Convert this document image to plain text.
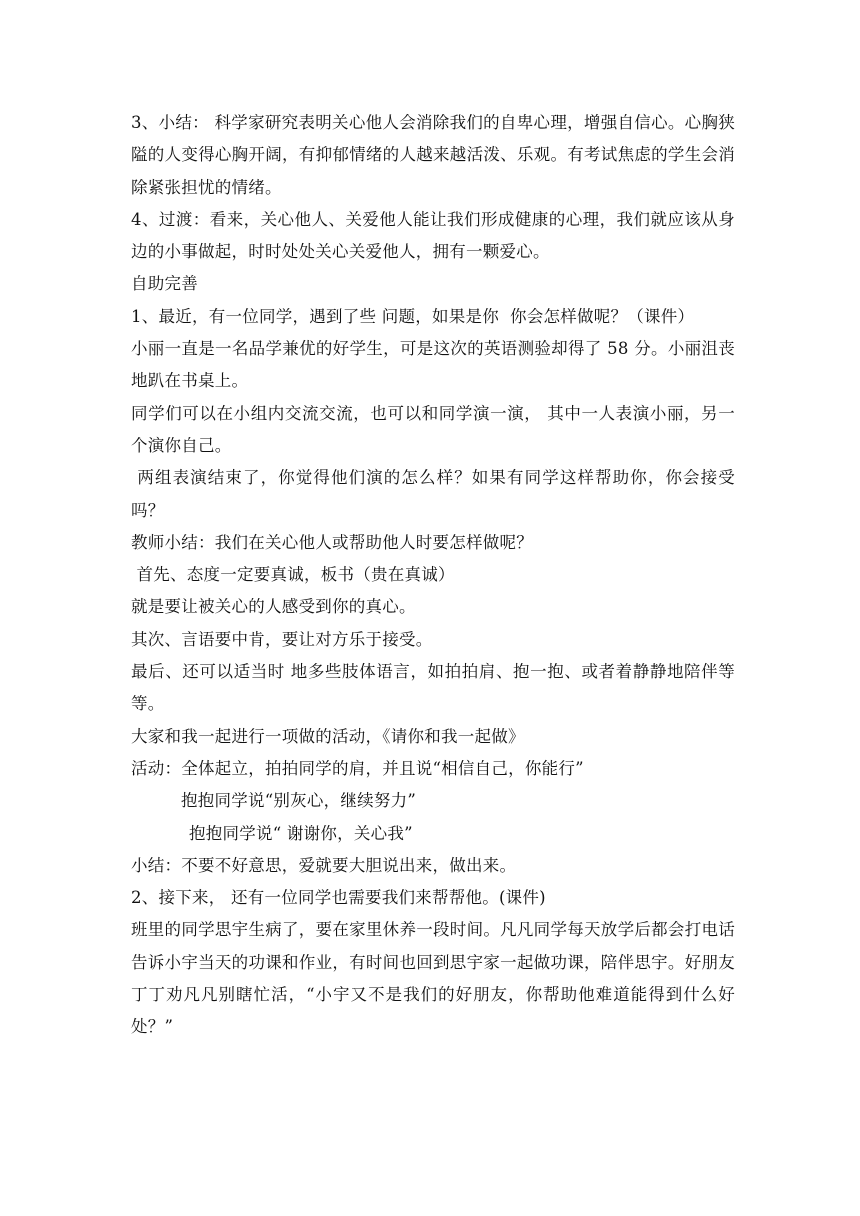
3、小结： 科学家研究表明关心他人会消除我们的自卑心理，增强自信心。心胸狭隘的人变得心胸开阔，有抑郁情绪的人越来越活泼、乐观。有考试焦虑的学生会消除紧张担忧的情绪。

4、过渡：看来，关心他人、关爱他人能让我们形成健康的心理，我们就应该从身边的小事做起，时时处处关心关爱他人，拥有一颗爱心。

自助完善

1、最近，有一位同学，遇到了些 问题，如果是你  你会怎样做呢？（课件）

小丽一直是一名品学兼优的好学生，可是这次的英语测验却得了 58 分。小丽沮丧地趴在书桌上。

同学们可以在小组内交流交流，也可以和同学演一演， 其中一人表演小丽，另一个演你自己。

两组表演结束了，你觉得他们演的怎么样？如果有同学这样帮助你，你会接受吗？

教师小结：我们在关心他人或帮助他人时要怎样做呢？

首先、态度一定要真诚，板书（贵在真诚）

就是要让被关心的人感受到你的真心。

其次、言语要中肯，要让对方乐于接受。

最后、还可以适当时 地多些肢体语言，如拍拍肩、抱一抱、或者着静静地陪伴等等。

大家和我一起进行一项做的活动，《请你和我一起做》

活动：全体起立，拍拍同学的肩，并且说“相信自己，你能行”

抱抱同学说“别灰心，继续努力”

抱抱同学说“ 谢谢你，关心我”

小结：不要不好意思，爱就要大胆说出来，做出来。

2、接下来， 还有一位同学也需要我们来帮帮他。(课件)

班里的同学思宇生病了，要在家里休养一段时间。凡凡同学每天放学后都会打电话告诉小宇当天的功课和作业，有时间也回到思宇家一起做功课，陪伴思宇。好朋友丁丁劝凡凡别瞎忙活，“小宇又不是我们的好朋友，你帮助他难道能得到什么好处？”
